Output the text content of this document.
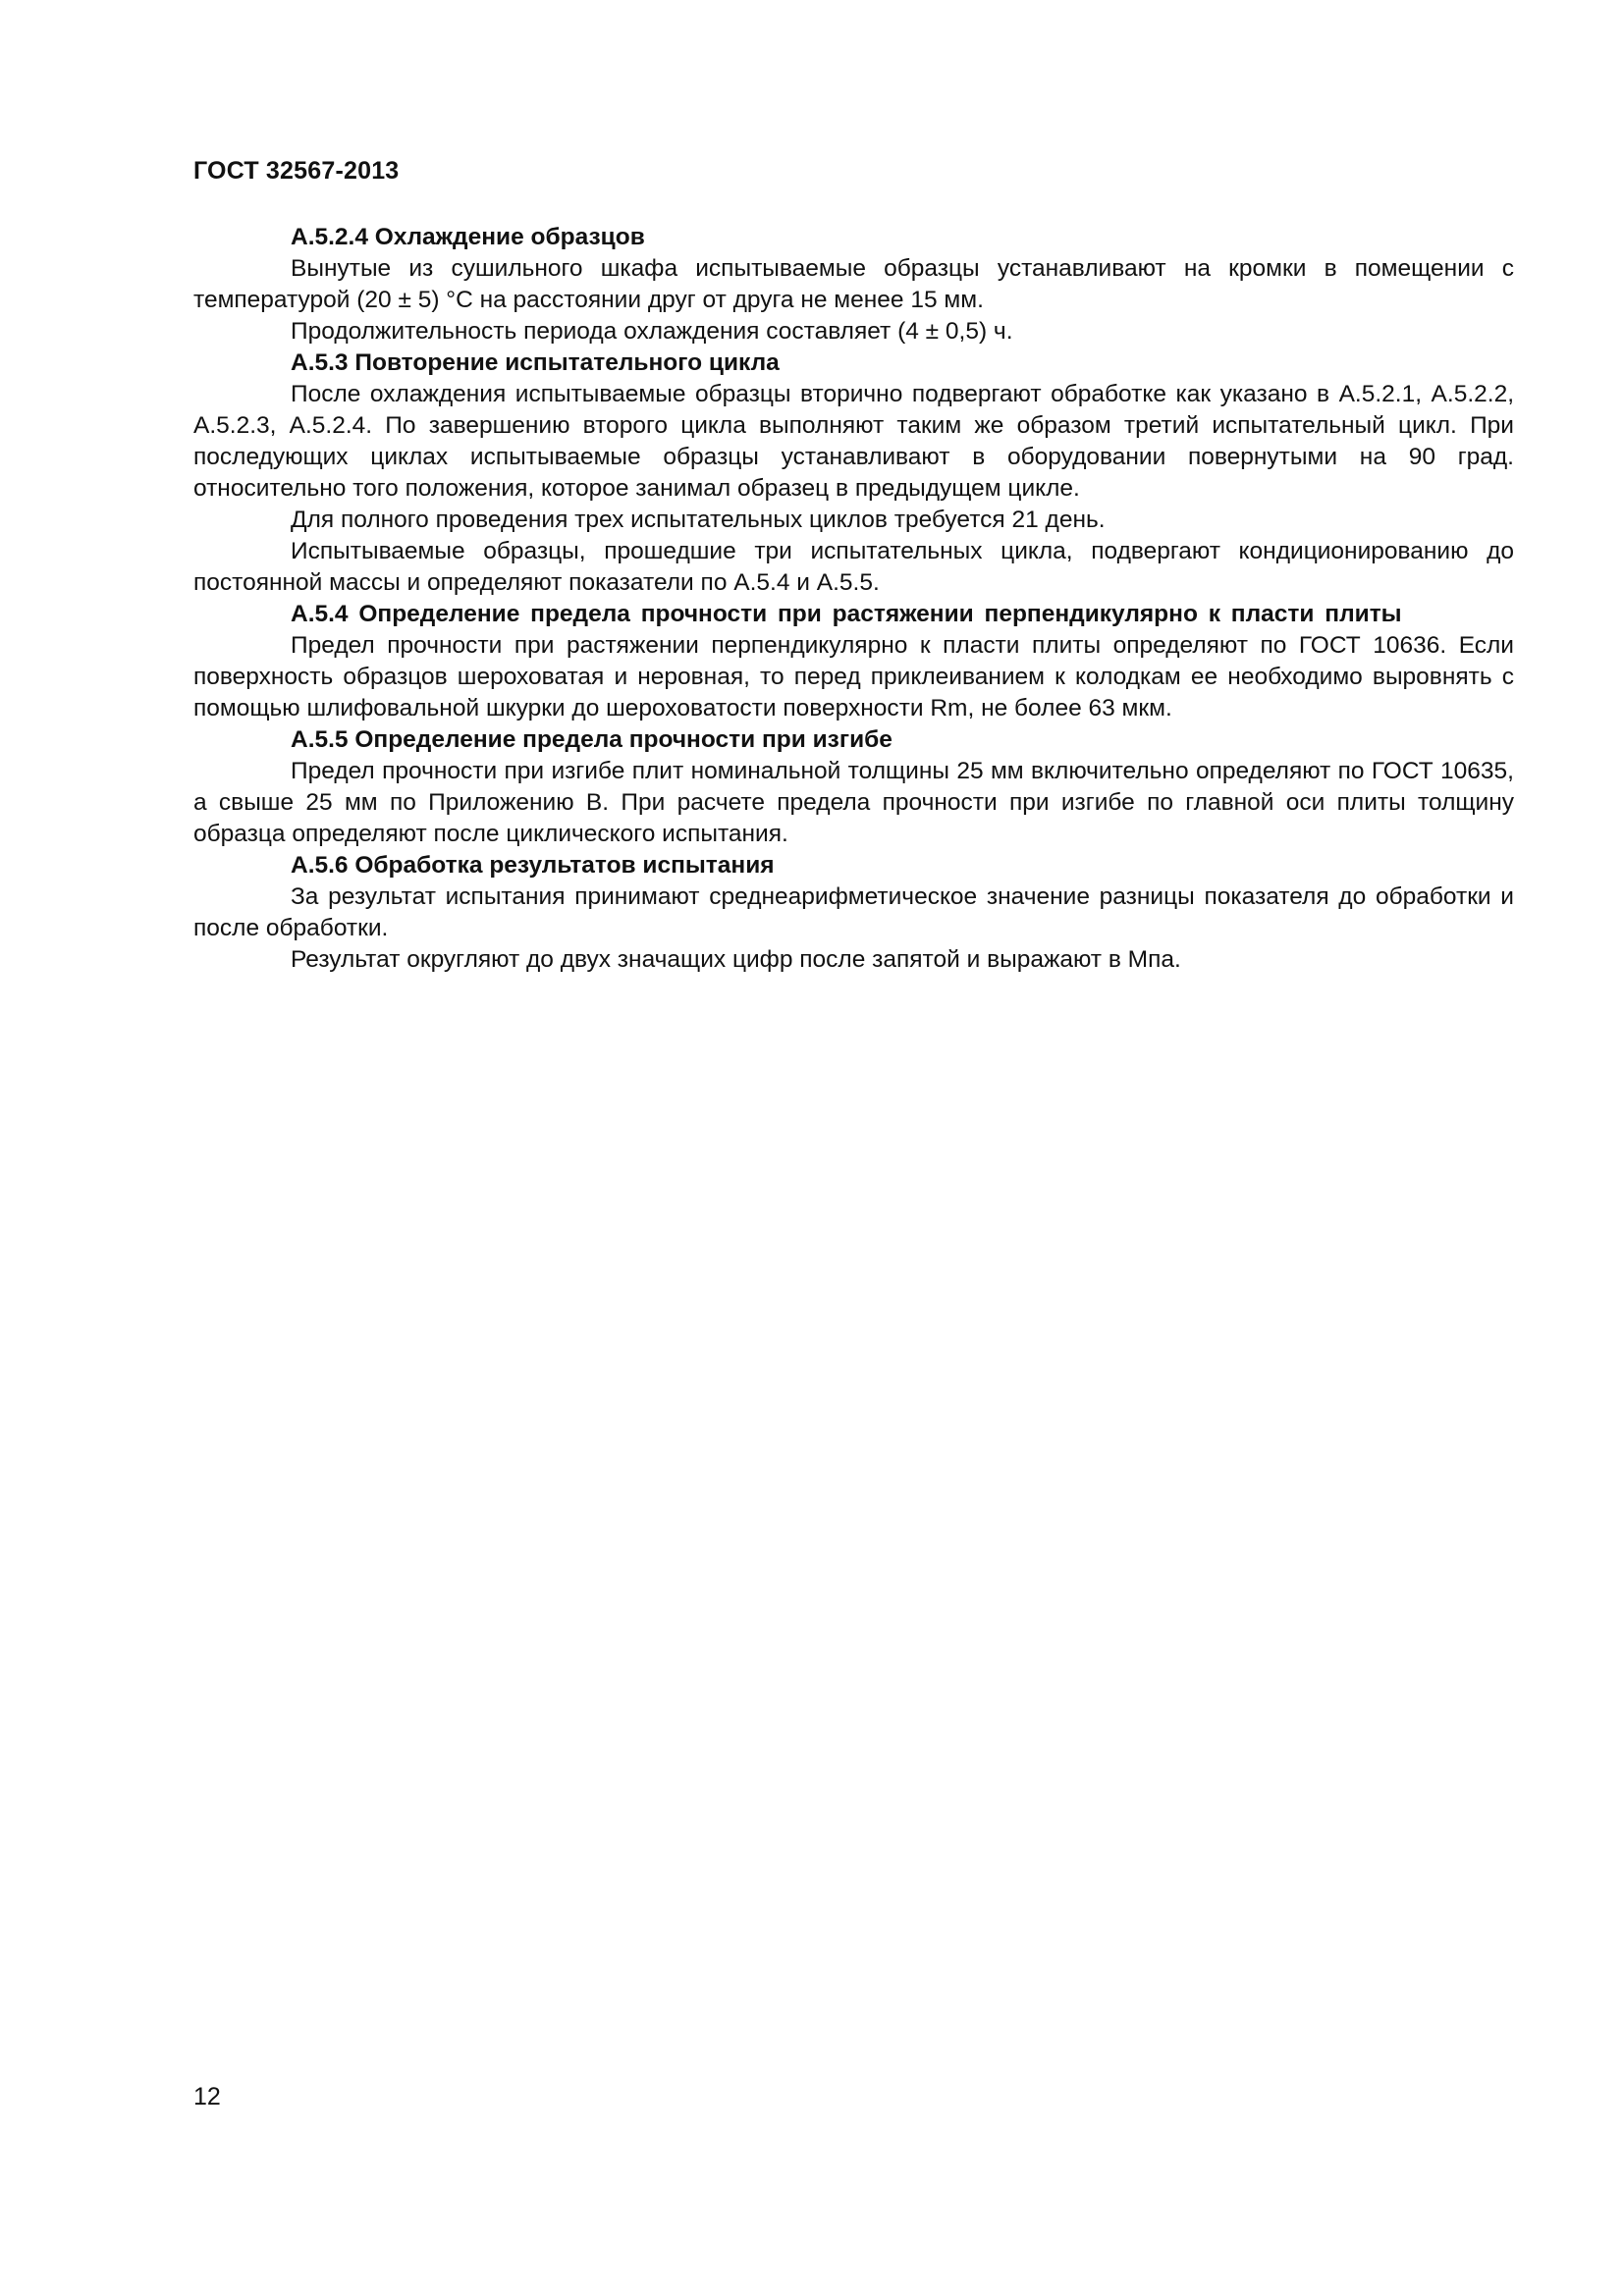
ГОСТ 32567-2013
А.5.2.4 Охлаждение образцов

Вынутые из сушильного шкафа испытываемые образцы устанавливают на кромки в помещении с температурой (20 ± 5) °С на расстоянии друг от друга не менее 15 мм.

Продолжительность периода охлаждения составляет (4 ± 0,5) ч.

А.5.3 Повторение испытательного цикла

После охлаждения испытываемые образцы вторично подвергают обработке как указано в А.5.2.1, А.5.2.2, А.5.2.3, А.5.2.4. По завершению второго цикла выполняют таким же образом третий испытательный цикл. При последующих циклах испытываемые образцы устанавливают в оборудовании повернутыми на 90 град. относительно того положения, которое занимал образец в предыдущем цикле.

Для полного проведения трех испытательных циклов требуется 21 день.

Испытываемые образцы, прошедшие три испытательных цикла, подвергают кондиционированию до постоянной массы и определяют показатели по А.5.4 и А.5.5.

А.5.4 Определение предела прочности при растяжении перпендикулярно к пласти плиты

Предел прочности при растяжении перпендикулярно к пласти плиты определяют по ГОСТ 10636. Если поверхность образцов шероховатая и неровная, то перед приклеиванием к колодкам ее необходимо выровнять с помощью шлифовальной шкурки до шероховатости поверхности Rm, не более 63 мкм.

А.5.5 Определение предела прочности при изгибе

Предел прочности при изгибе плит номинальной толщины 25 мм включительно определяют по ГОСТ 10635, а свыше 25 мм по Приложению В. При расчете предела прочности при изгибе по главной оси плиты толщину образца определяют после циклического испытания.

А.5.6 Обработка результатов испытания

За результат испытания принимают среднеарифметическое значение разницы показателя до обработки и после обработки.

Результат округляют до двух значащих цифр после запятой и выражают в Мпа.

12
